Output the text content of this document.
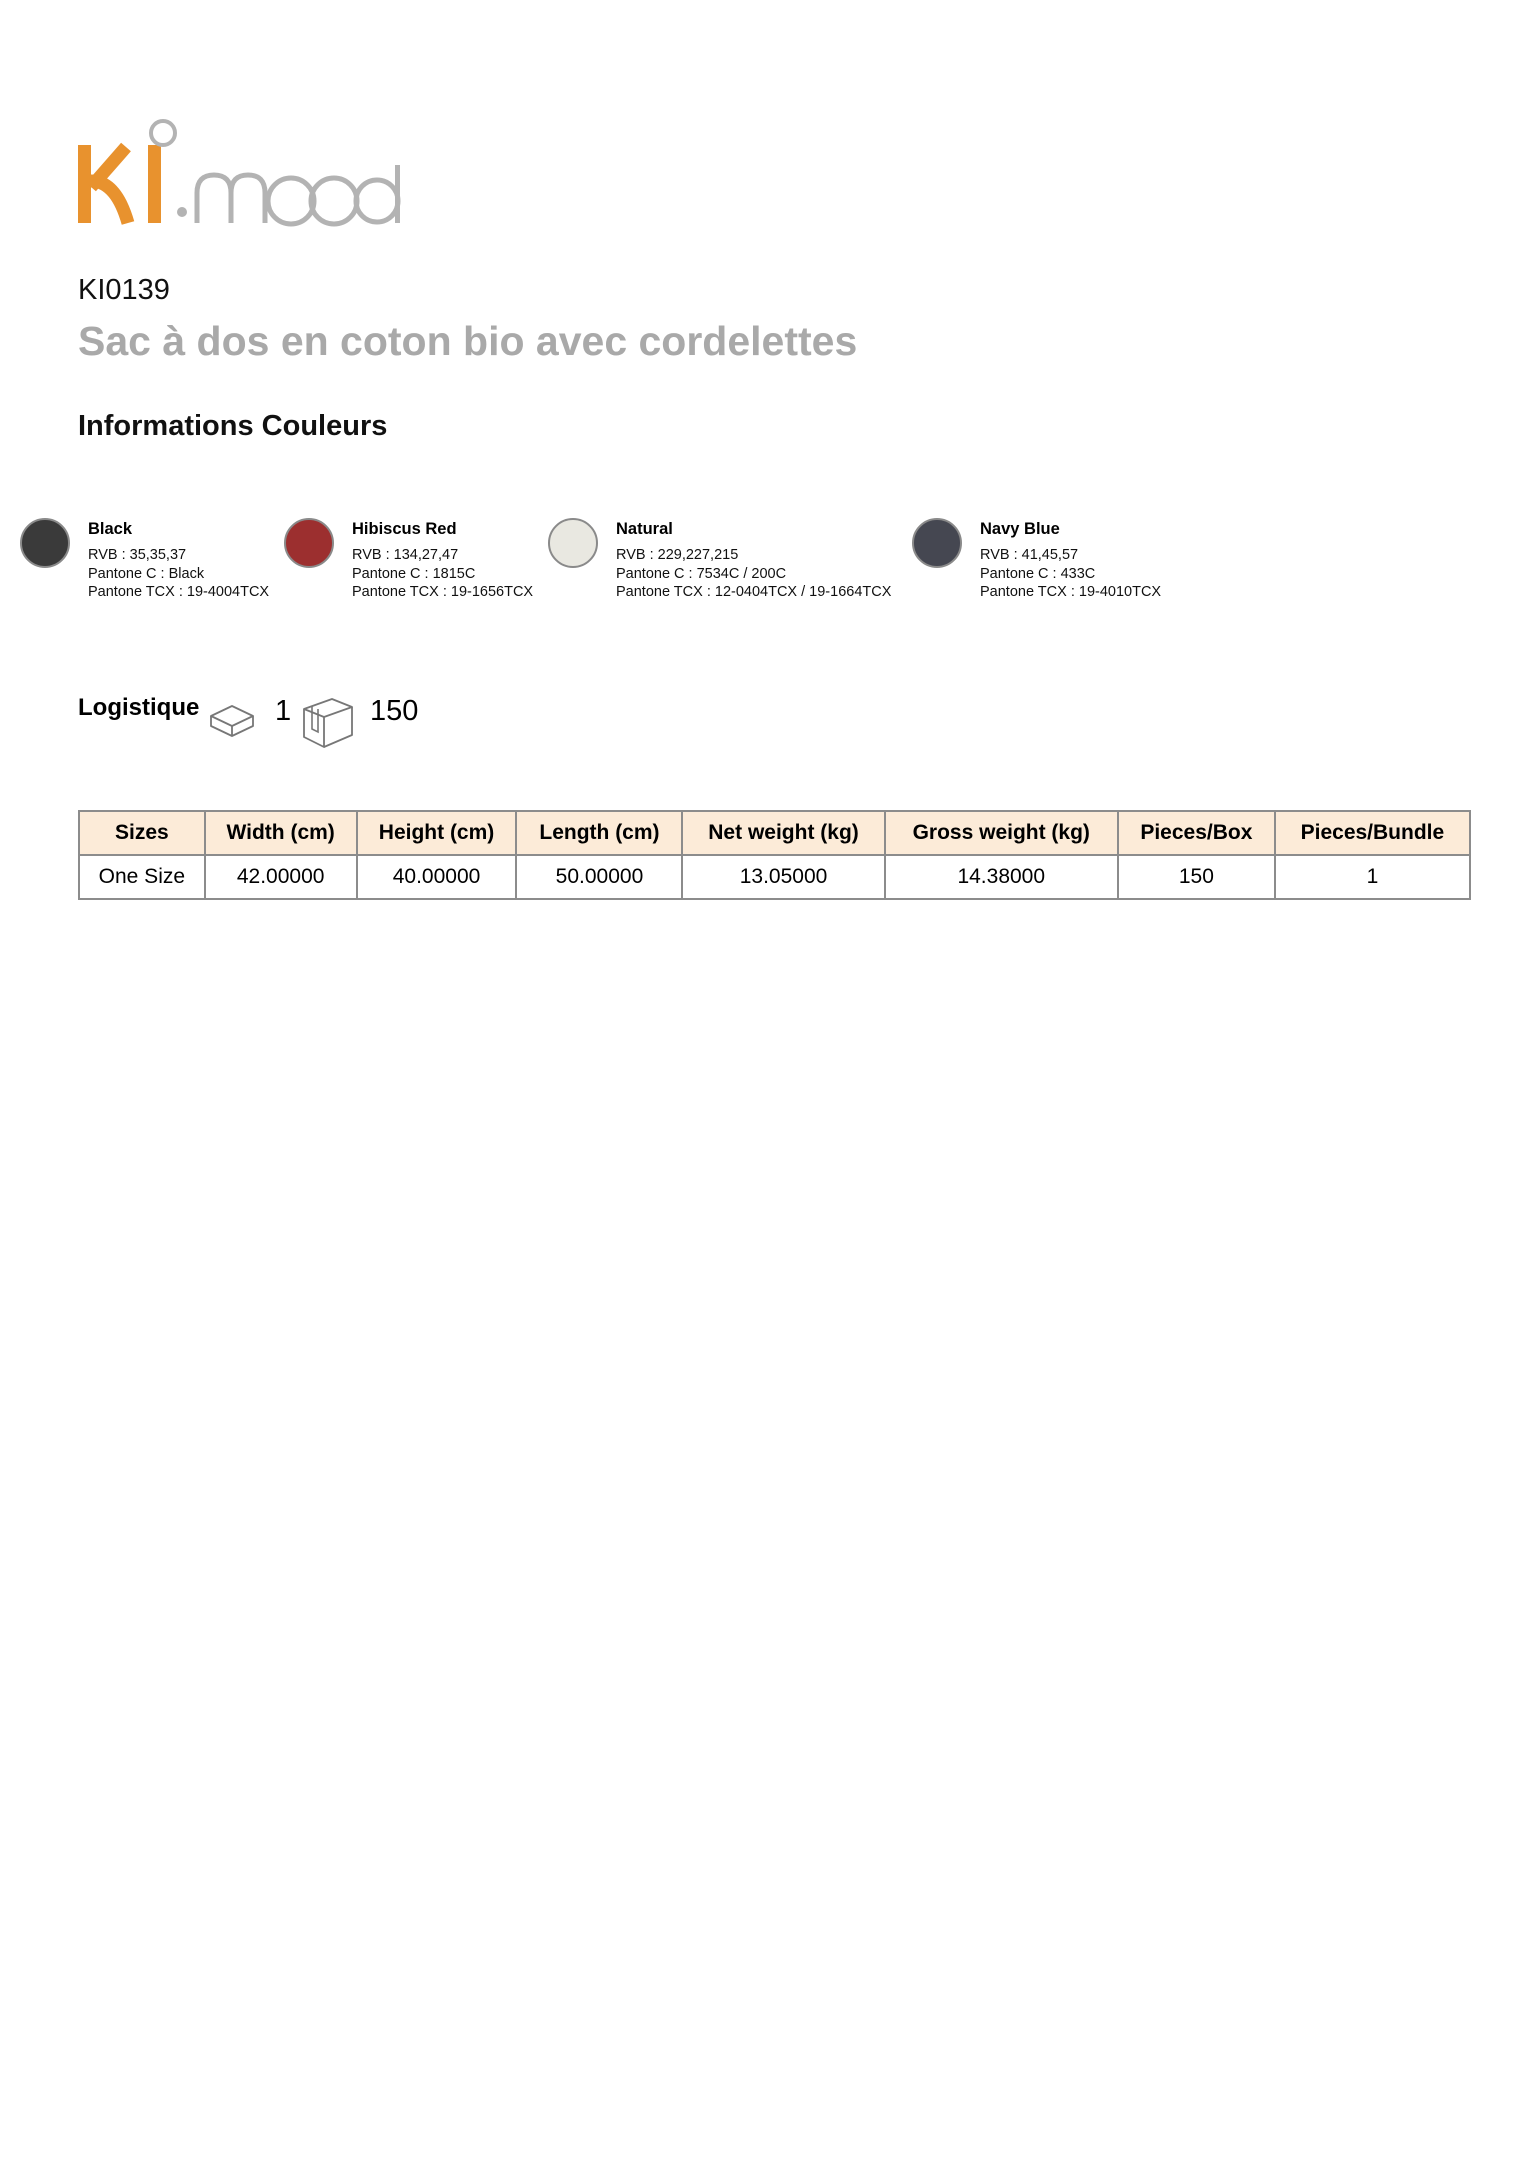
KI0139
Sac à dos en coton bio avec cordelettes
Informations Couleurs
Black
RVB : 35,35,37
Pantone C : Black
Pantone TCX : 19-4004TCX
Hibiscus Red
RVB : 134,27,47
Pantone C : 1815C
Pantone TCX : 19-1656TCX
Natural
RVB : 229,227,215
Pantone C : 7534C / 200C
Pantone TCX : 12-0404TCX / 19-1664TCX
Navy Blue
RVB : 41,45,57
Pantone C : 433C
Pantone TCX : 19-4010TCX
Logistique	1	150
Sizes	Width (cm)	Height (cm)	Length (cm)	Net weight (kg)	Gross weight (kg)	Pieces/Box	Pieces/Bundle
One Size	42.00000	40.00000	50.00000	13.05000	14.38000	150	1
